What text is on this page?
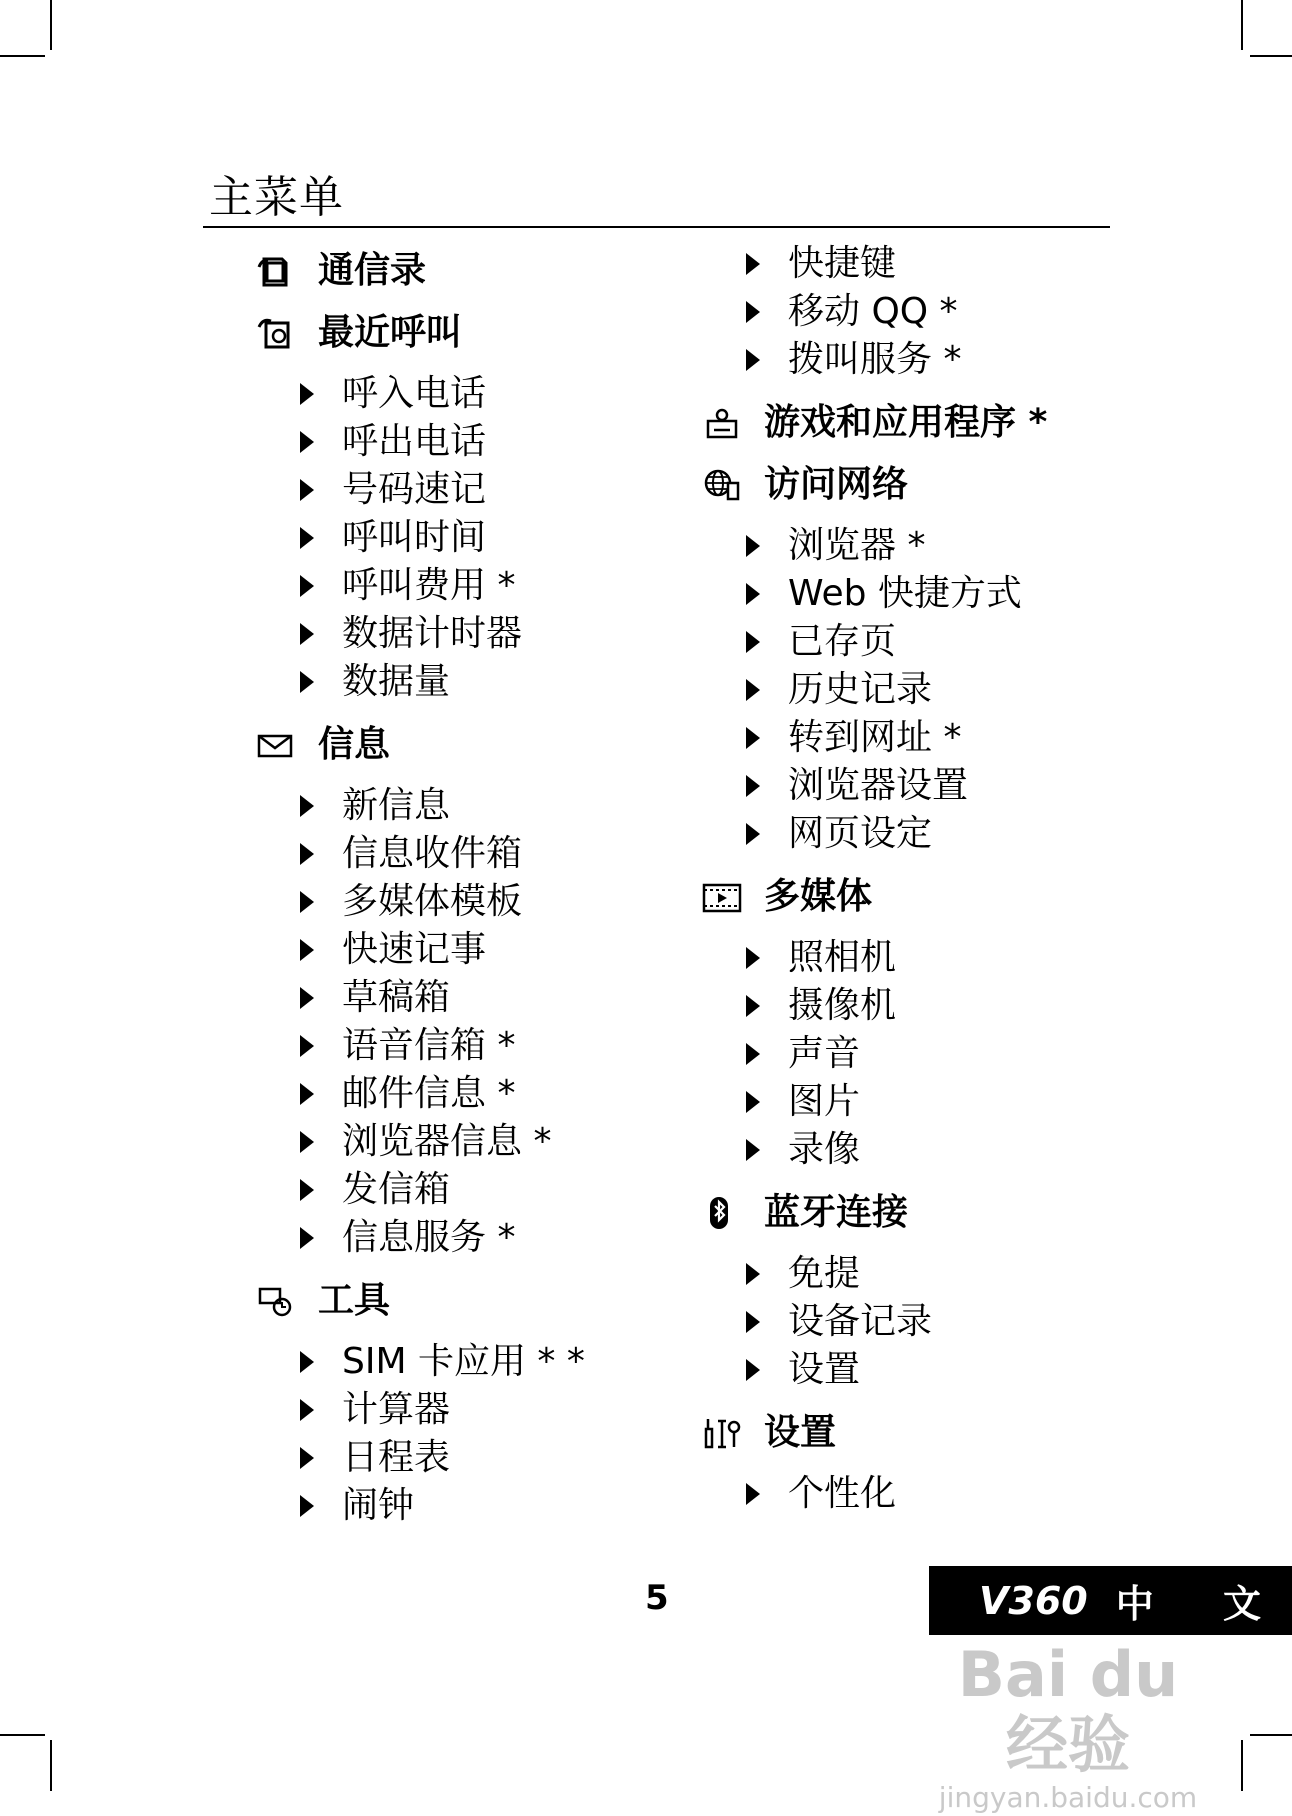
主菜单
通信录
最近呼叫
呼入电话
呼出电话
号码速记
呼叫时间
呼叫费用 *
数据计时器
数据量
信息
新信息
信息收件箱
多媒体模板
快速记事
草稿箱
语音信箱 *
邮件信息 *
浏览器信息 *
发信箱
信息服务 *
工具
SIM 卡应用 * *
计算器
日程表
闹钟
快捷键
移动 QQ *
拨叫服务 *
游戏和应用程序 *
访问网络
浏览器 *
Web 快捷方式
已存页
历史记录
转到网址 *
浏览器设置
网页设定
多媒体
照相机
摄像机
声音
图片
录像
蓝牙连接
免提
设备记录
设置
设置
个性化
5	V360 中 文
Bai du 经验
jingyan.baidu.com
